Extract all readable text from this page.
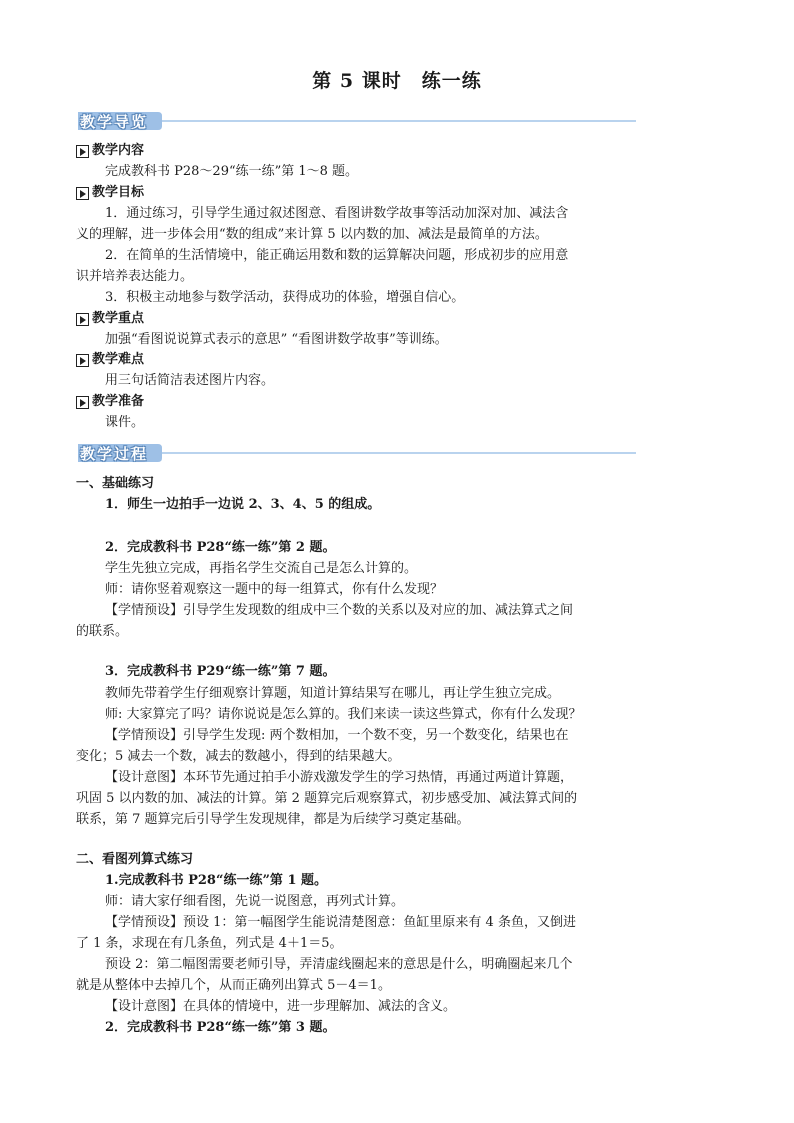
第 5 课时　练一练
教学导览
教学内容
完成教科书 P28～29“练一练”第 1～8 题。
教学目标
1．通过练习，引导学生通过叙述图意、看图讲数学故事等活动加深对加、减法含
义的理解，进一步体会用“数的组成”来计算 5 以内数的加、减法是最简单的方法。
2．在简单的生活情境中，能正确运用数和数的运算解决问题，形成初步的应用意
识并培养表达能力。
3．积极主动地参与数学活动，获得成功的体验，增强自信心。
教学重点
加强“看图说说算式表示的意思” “看图讲数学故事”等训练。
教学难点
用三句话简洁表述图片内容。
教学准备
课件。
教学过程
一、基础练习
1．师生一边拍手一边说 2、3、4、5 的组成。
2．完成教科书 P28“练一练”第 2 题。
学生先独立完成，再指名学生交流自己是怎么计算的。
师：请你竖着观察这一题中的每一组算式，你有什么发现？
【学情预设】引导学生发现数的组成中三个数的关系以及对应的加、减法算式之间
的联系。
3．完成教科书 P29“练一练”第 7 题。
教师先带着学生仔细观察计算题，知道计算结果写在哪儿，再让学生独立完成。
师: 大家算完了吗？请你说说是怎么算的。我们来读一读这些算式，你有什么发现？
【学情预设】引导学生发现: 两个数相加，一个数不变，另一个数变化，结果也在
变化；5 减去一个数，减去的数越小，得到的结果越大。
【设计意图】本环节先通过拍手小游戏激发学生的学习热情，再通过两道计算题，
巩固 5 以内数的加、减法的计算。第 2 题算完后观察算式，初步感受加、减法算式间的
联系，第 7 题算完后引导学生发现规律，都是为后续学习奠定基础。
二、看图列算式练习
1.完成教科书 P28“练一练”第 1 题。
师：请大家仔细看图，先说一说图意，再列式计算。
【学情预设】预设 1：第一幅图学生能说清楚图意：鱼缸里原来有 4 条鱼，又倒进
了 1 条，求现在有几条鱼，列式是 4＋1＝5。
预设 2：第二幅图需要老师引导，弄清虚线圈起来的意思是什么，明确圈起来几个
就是从整体中去掉几个，从而正确列出算式 5－4＝1。
【设计意图】在具体的情境中，进一步理解加、减法的含义。
2．完成教科书 P28“练一练”第 3 题。
